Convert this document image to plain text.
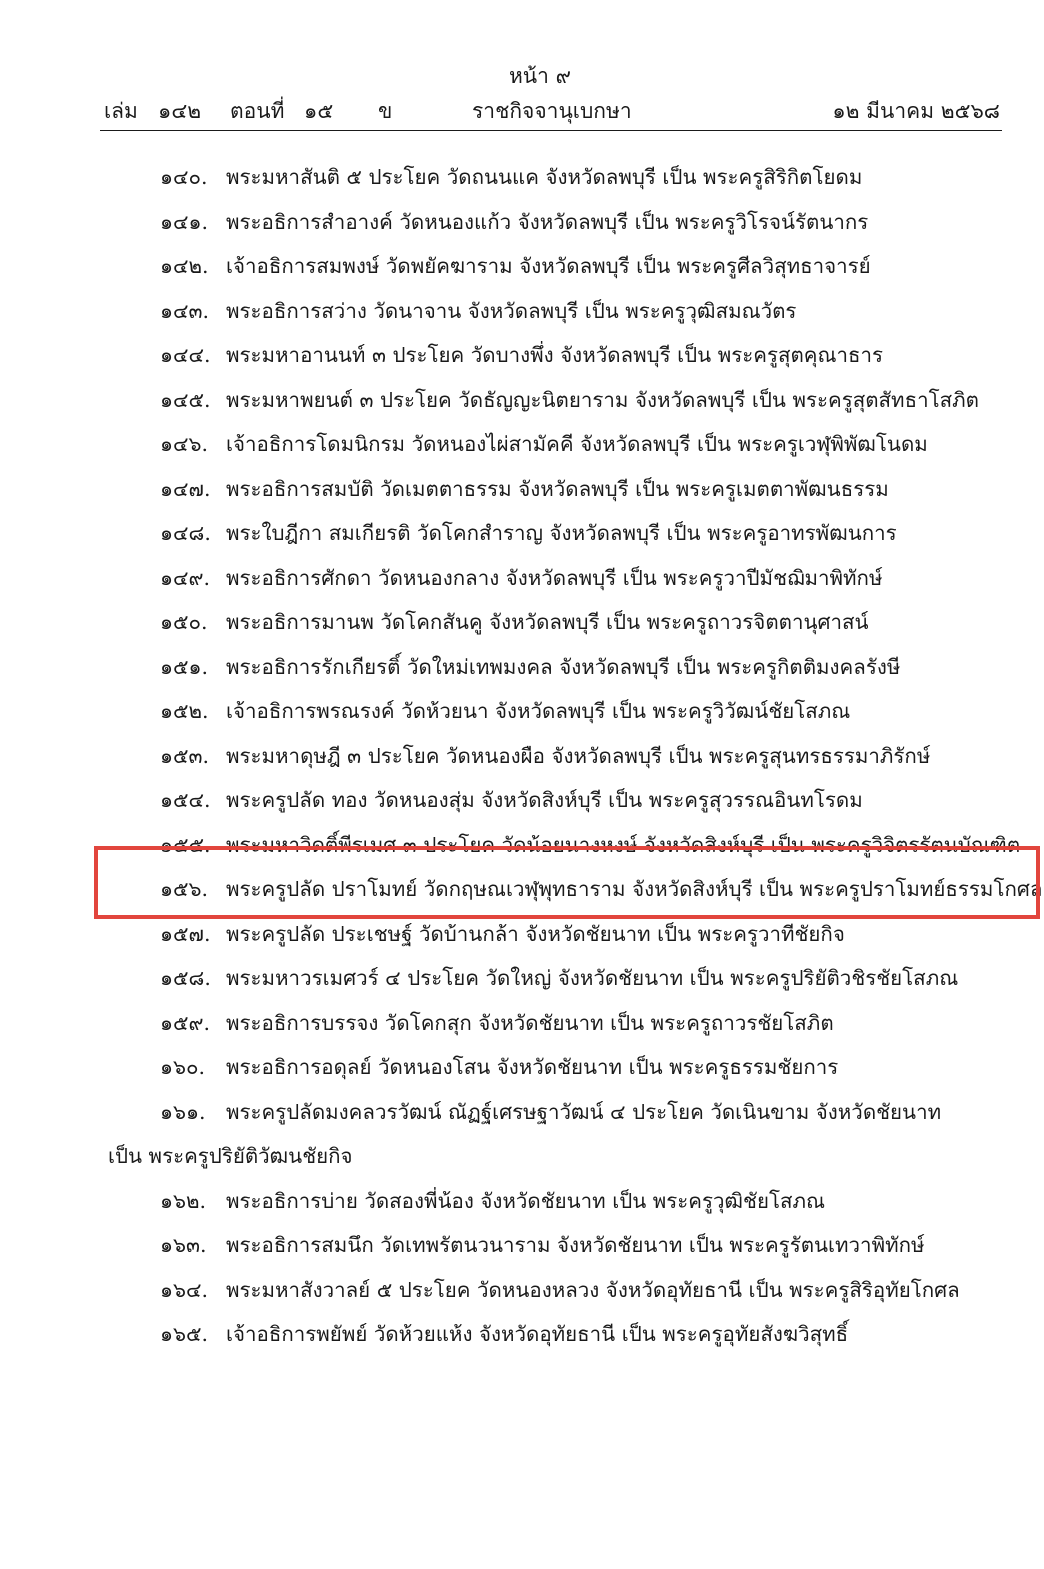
หน้า ๙
เล่ม ๑๔๒ ตอนที่ ๑๕ ข	ราชกิจจานุเบกษา	๑๒ มีนาคม ๒๕๖๘
๑๔๐. พระมหาสันติ ๕ ประโยค วัดถนนแค จังหวัดลพบุรี เป็น พระครูสิริกิตโยดม
๑๔๑. พระอธิการสำอางค์ วัดหนองแก้ว จังหวัดลพบุรี เป็น พระครูวิโรจน์รัตนากร
๑๔๒. เจ้าอธิการสมพงษ์ วัดพยัคฆาราม จังหวัดลพบุรี เป็น พระครูศีลวิสุทธาจารย์
๑๔๓. พระอธิการสว่าง วัดนาจาน จังหวัดลพบุรี เป็น พระครูวุฒิสมณวัตร
๑๔๔. พระมหาอานนท์ ๓ ประโยค วัดบางพึ่ง จังหวัดลพบุรี เป็น พระครูสุตคุณาธาร
๑๔๕. พระมหาพยนต์ ๓ ประโยค วัดธัญญะนิตยาราม จังหวัดลพบุรี เป็น พระครูสุตสัทธาโสภิต
๑๔๖. เจ้าอธิการโดมนิกรม วัดหนองไผ่สามัคคี จังหวัดลพบุรี เป็น พระครูเวฬุพิพัฒโนดม
๑๔๗. พระอธิการสมบัติ วัดเมตตาธรรม จังหวัดลพบุรี เป็น พระครูเมตตาพัฒนธรรม
๑๔๘. พระใบฎีกา สมเกียรติ วัดโคกสำราญ จังหวัดลพบุรี เป็น พระครูอาทรพัฒนการ
๑๔๙. พระอธิการศักดา วัดหนองกลาง จังหวัดลพบุรี เป็น พระครูวาปีมัชฌิมาพิทักษ์
๑๕๐. พระอธิการมานพ วัดโคกสันคู จังหวัดลพบุรี เป็น พระครูถาวรจิตตานุศาสน์
๑๕๑. พระอธิการรักเกียรติ์ วัดใหม่เทพมงคล จังหวัดลพบุรี เป็น พระครูกิตติมงคลรังษี
๑๕๒. เจ้าอธิการพรณรงค์ วัดห้วยนา จังหวัดลพบุรี เป็น พระครูวิวัฒน์ชัยโสภณ
๑๕๓. พระมหาดุษฎี ๓ ประโยค วัดหนองผือ จังหวัดลพบุรี เป็น พระครูสุนทรธรรมาภิรักษ์
๑๕๔. พระครูปลัด ทอง วัดหนองสุ่ม จังหวัดสิงห์บุรี เป็น พระครูสุวรรณอินทโรดม
๑๕๕. พระมหาวิดติ์พีรเมศ ๓ ประโยค วัดน้อยนางหงษ์ จังหวัดสิงห์บุรี เป็น พระครูวิจิตรรัตนบัณฑิต
๑๕๖. พระครูปลัด ปราโมทย์ วัดกฤษณเวฬุพุทธาราม จังหวัดสิงห์บุรี เป็น พระครูปราโมทย์ธรรมโกศล
๑๕๗. พระครูปลัด ประเชษฐ์ วัดบ้านกล้า จังหวัดชัยนาท เป็น พระครูวาทีชัยกิจ
๑๕๘. พระมหาวรเมศวร์ ๔ ประโยค วัดใหญ่ จังหวัดชัยนาท เป็น พระครูปริยัติวชิรชัยโสภณ
๑๕๙. พระอธิการบรรจง วัดโคกสุก จังหวัดชัยนาท เป็น พระครูถาวรชัยโสภิต
๑๖๐. พระอธิการอดุลย์ วัดหนองโสน จังหวัดชัยนาท เป็น พระครูธรรมชัยการ
๑๖๑. พระครูปลัดมงคลวรวัฒน์ ณัฏฐ์เศรษฐาวัฒน์ ๔ ประโยค วัดเนินขาม จังหวัดชัยนาท
เป็น พระครูปริยัติวัฒนชัยกิจ
๑๖๒. พระอธิการบ่าย วัดสองพี่น้อง จังหวัดชัยนาท เป็น พระครูวุฒิชัยโสภณ
๑๖๓. พระอธิการสมนึก วัดเทพรัตนวนาราม จังหวัดชัยนาท เป็น พระครูรัตนเทวาพิทักษ์
๑๖๔. พระมหาสังวาลย์ ๕ ประโยค วัดหนองหลวง จังหวัดอุทัยธานี เป็น พระครูสิริอุทัยโกศล
๑๖๕. เจ้าอธิการพยัพย์ วัดห้วยแห้ง จังหวัดอุทัยธานี เป็น พระครูอุทัยสังฆวิสุทธิ์
